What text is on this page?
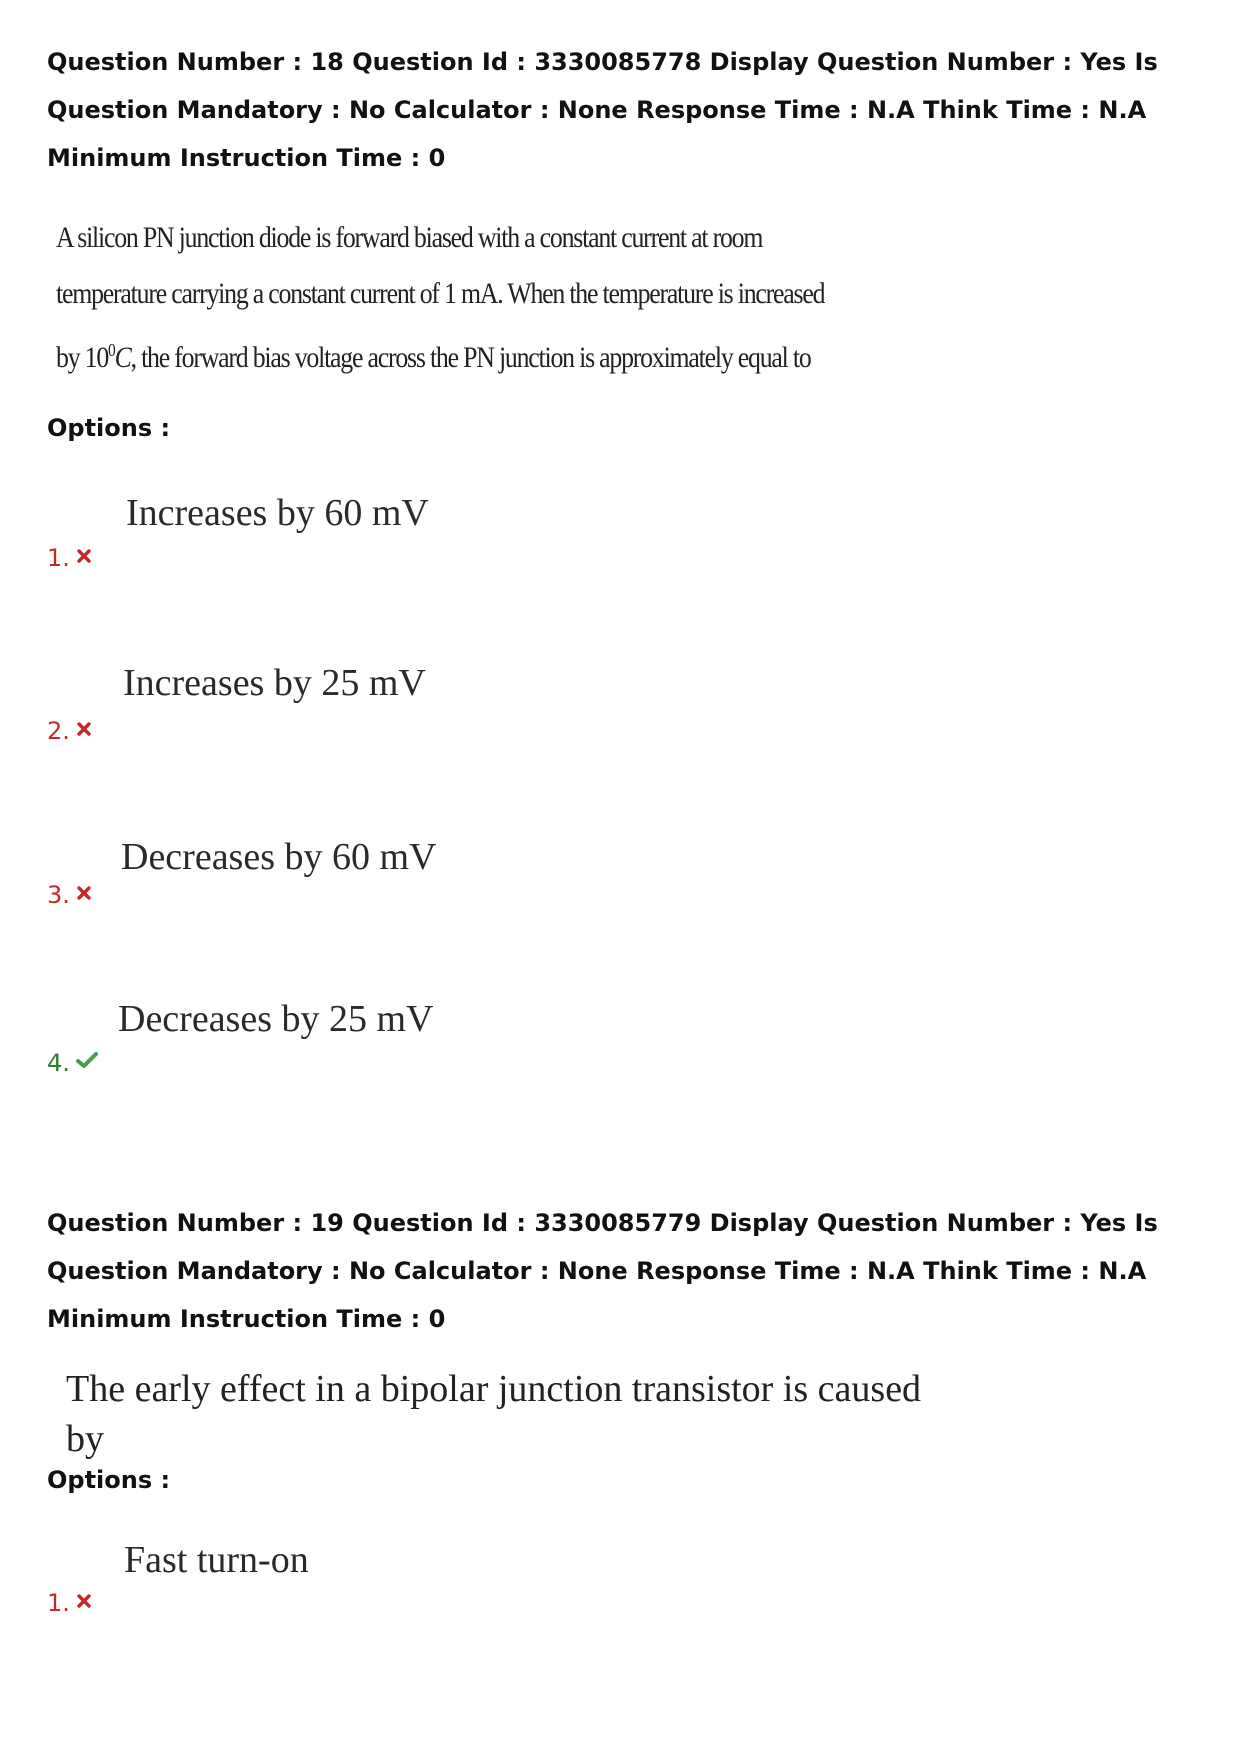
Question Number : 18 Question Id : 3330085778 Display Question Number : Yes Is Question Mandatory : No Calculator : None Response Time : N.A Think Time : N.A Minimum Instruction Time : 0
A silicon PN junction diode is forward biased with a constant current at room temperature carrying a constant current of 1 mA. When the temperature is increased by $10^0C$, the forward bias voltage across the PN junction is approximately equal to
Options :
Increases by 60 mV
1.
Increases by 25 mV
2.
Decreases by 60 mV
3.
Decreases by 25 mV
4.
Question Number : 19 Question Id : 3330085779 Display Question Number : Yes Is Question Mandatory : No Calculator : None Response Time : N.A Think Time : N.A Minimum Instruction Time : 0
The early effect in a bipolar junction transistor is caused by
Options :
Fast turn-on
1.
